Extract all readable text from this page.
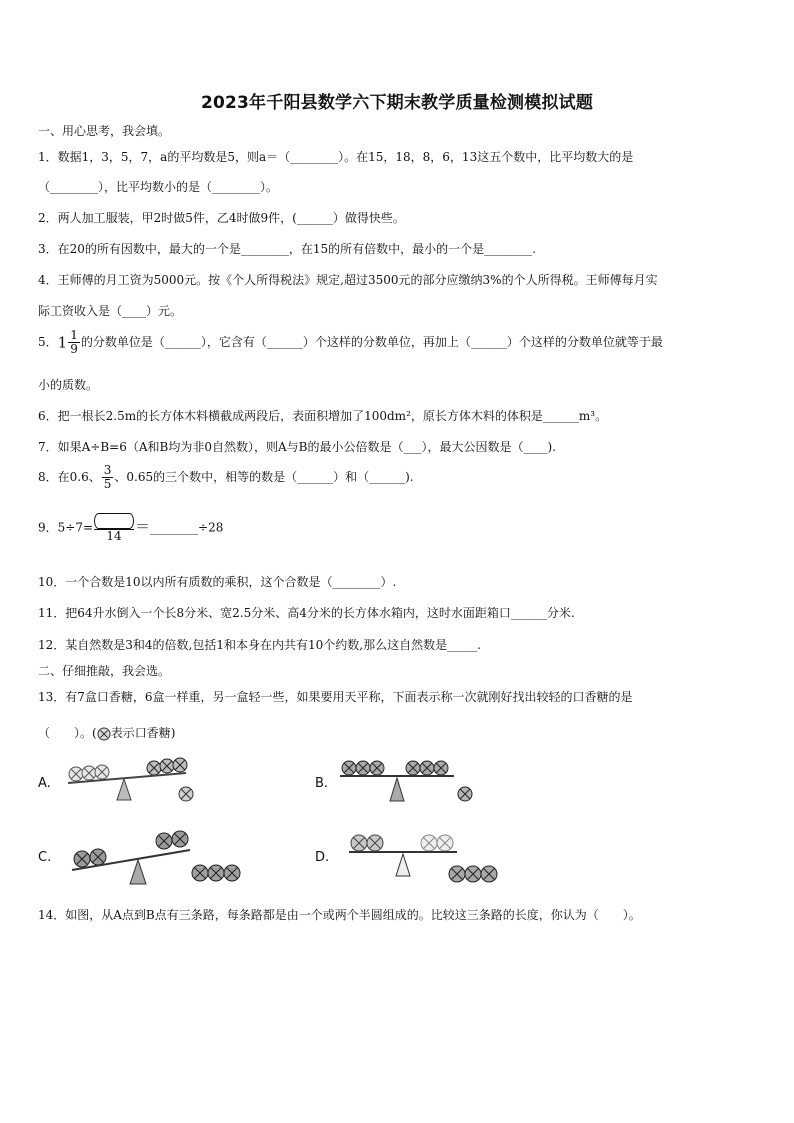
2023年千阳县数学六下期末教学质量检测模拟试题
一、用心思考，我会填。
1．数据1，3，5，7，a的平均数是5，则a＝（________）。在15，18，8，6，13这五个数中，比平均数大的是
（________），比平均数小的是（________）。
2．两人加工服装，甲2时做5件，乙4时做9件，(______）做得快些。
3．在20的所有因数中，最大的一个是________，在15的所有倍数中，最小的一个是________.
4．王师傅的月工资为5000元。按《个人所得税法》规定,超过3500元的部分应缴纳3%的个人所得税。王师傅每月实
际工资收入是（____）元。
5．$1 \frac{1}{9}$ 的分数单位是（______），它含有（______）个这样的分数单位，再加上（______）个这样的分数单位就等于最
小的质数。
6．把一根长2.5m的长方体木料横截成两段后，表面积增加了100dm²，原长方体木料的体积是______m³。
7．如果A÷B=6（A和B均为非0自然数），则A与B的最小公倍数是（___），最大公因数是（____).
8．在0.6、 $\frac{3}{5}$ 、0.65的三个数中，相等的数是（______）和（______).
9．5÷7=
14
＝________÷28
10．一个合数是10以内所有质数的乘积，这个合数是（________）.
11．把64升水倒入一个长8分米、宽2.5分米、高4分米的长方体水箱内，这时水面距箱口______分米.
12．某自然数是3和4的倍数,包括1和本身在内共有10个约数,那么这自然数是_____.
二、仔细推敲，我会选。
13．有7盒口香糖，6盒一样重，另一盒轻一些，如果要用天平称，下面表示称一次就刚好找出较轻的口香糖的是
（　　）。( 表示口香糖)
A.	B.
C.	D.
14．如图，从A点到B点有三条路，每条路都是由一个或两个半圆组成的。比较这三条路的长度，你认为（　　）。
